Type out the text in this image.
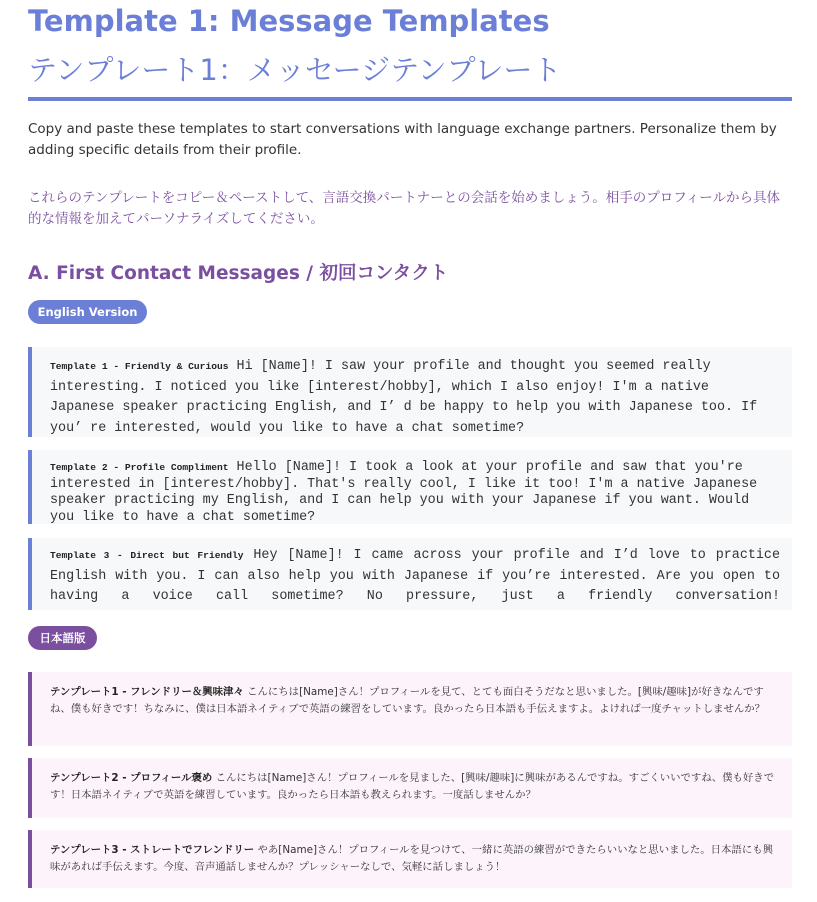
Template 1: Message Templates
テンプレート1：メッセージテンプレート

Copy and paste these templates to start conversations with language exchange partners. Personalize them by adding specific details from their profile.

これらのテンプレートをコピー＆ペーストして、言語交換パートナーとの会話を始めましょう。相手のプロフィールから具体的な情報を加えてパーソナライズしてください。

A. First Contact Messages / 初回コンタクト
English Version
Template 1 - Friendly & Curious Hi [Name]! I saw your profile and thought you seemed really interesting. I noticed you like [interest/hobby], which I also enjoy! I'm a native Japanese speaker practicing English, and I’ d be happy to help you with Japanese too. If you’ re interested, would you like to have a chat sometime?
Template 2 - Profile Compliment Hello [Name]! I took a look at your profile and saw that you're interested in [interest/hobby]. That's really cool, I like it too! I'm a native Japanese speaker practicing my English, and I can help you with your Japanese if you want. Would you like to have a chat sometime?
Template 3 - Direct but Friendly Hey [Name]! I came across your profile and I’d love to practice English with you. I can also help you with Japanese if you’re interested. Are you open to having a voice call sometime? No pressure, just a friendly conversation!
日本語版
テンプレート1 - フレンドリー＆興味津々 こんにちは[Name]さん！プロフィールを見て、とても面白そうだなと思いました。[興味/趣味]が好きなんですね、僕も好きです！ちなみに、僕は日本語ネイティブで英語の練習をしています。良かったら日本語も手伝えますよ。よければ一度チャットしませんか？
テンプレート2 - プロフィール褒め こんにちは[Name]さん！プロフィールを見ました、[興味/趣味]に興味があるんですね。すごくいいですね、僕も好きです！日本語ネイティブで英語を練習しています。良かったら日本語も教えられます。一度話しませんか？
テンプレート3 - ストレートでフレンドリー やあ[Name]さん！プロフィールを見つけて、一緒に英語の練習ができたらいいなと思いました。日本語にも興味があれば手伝えます。今度、音声通話しませんか？プレッシャーなしで、気軽に話しましょう！
